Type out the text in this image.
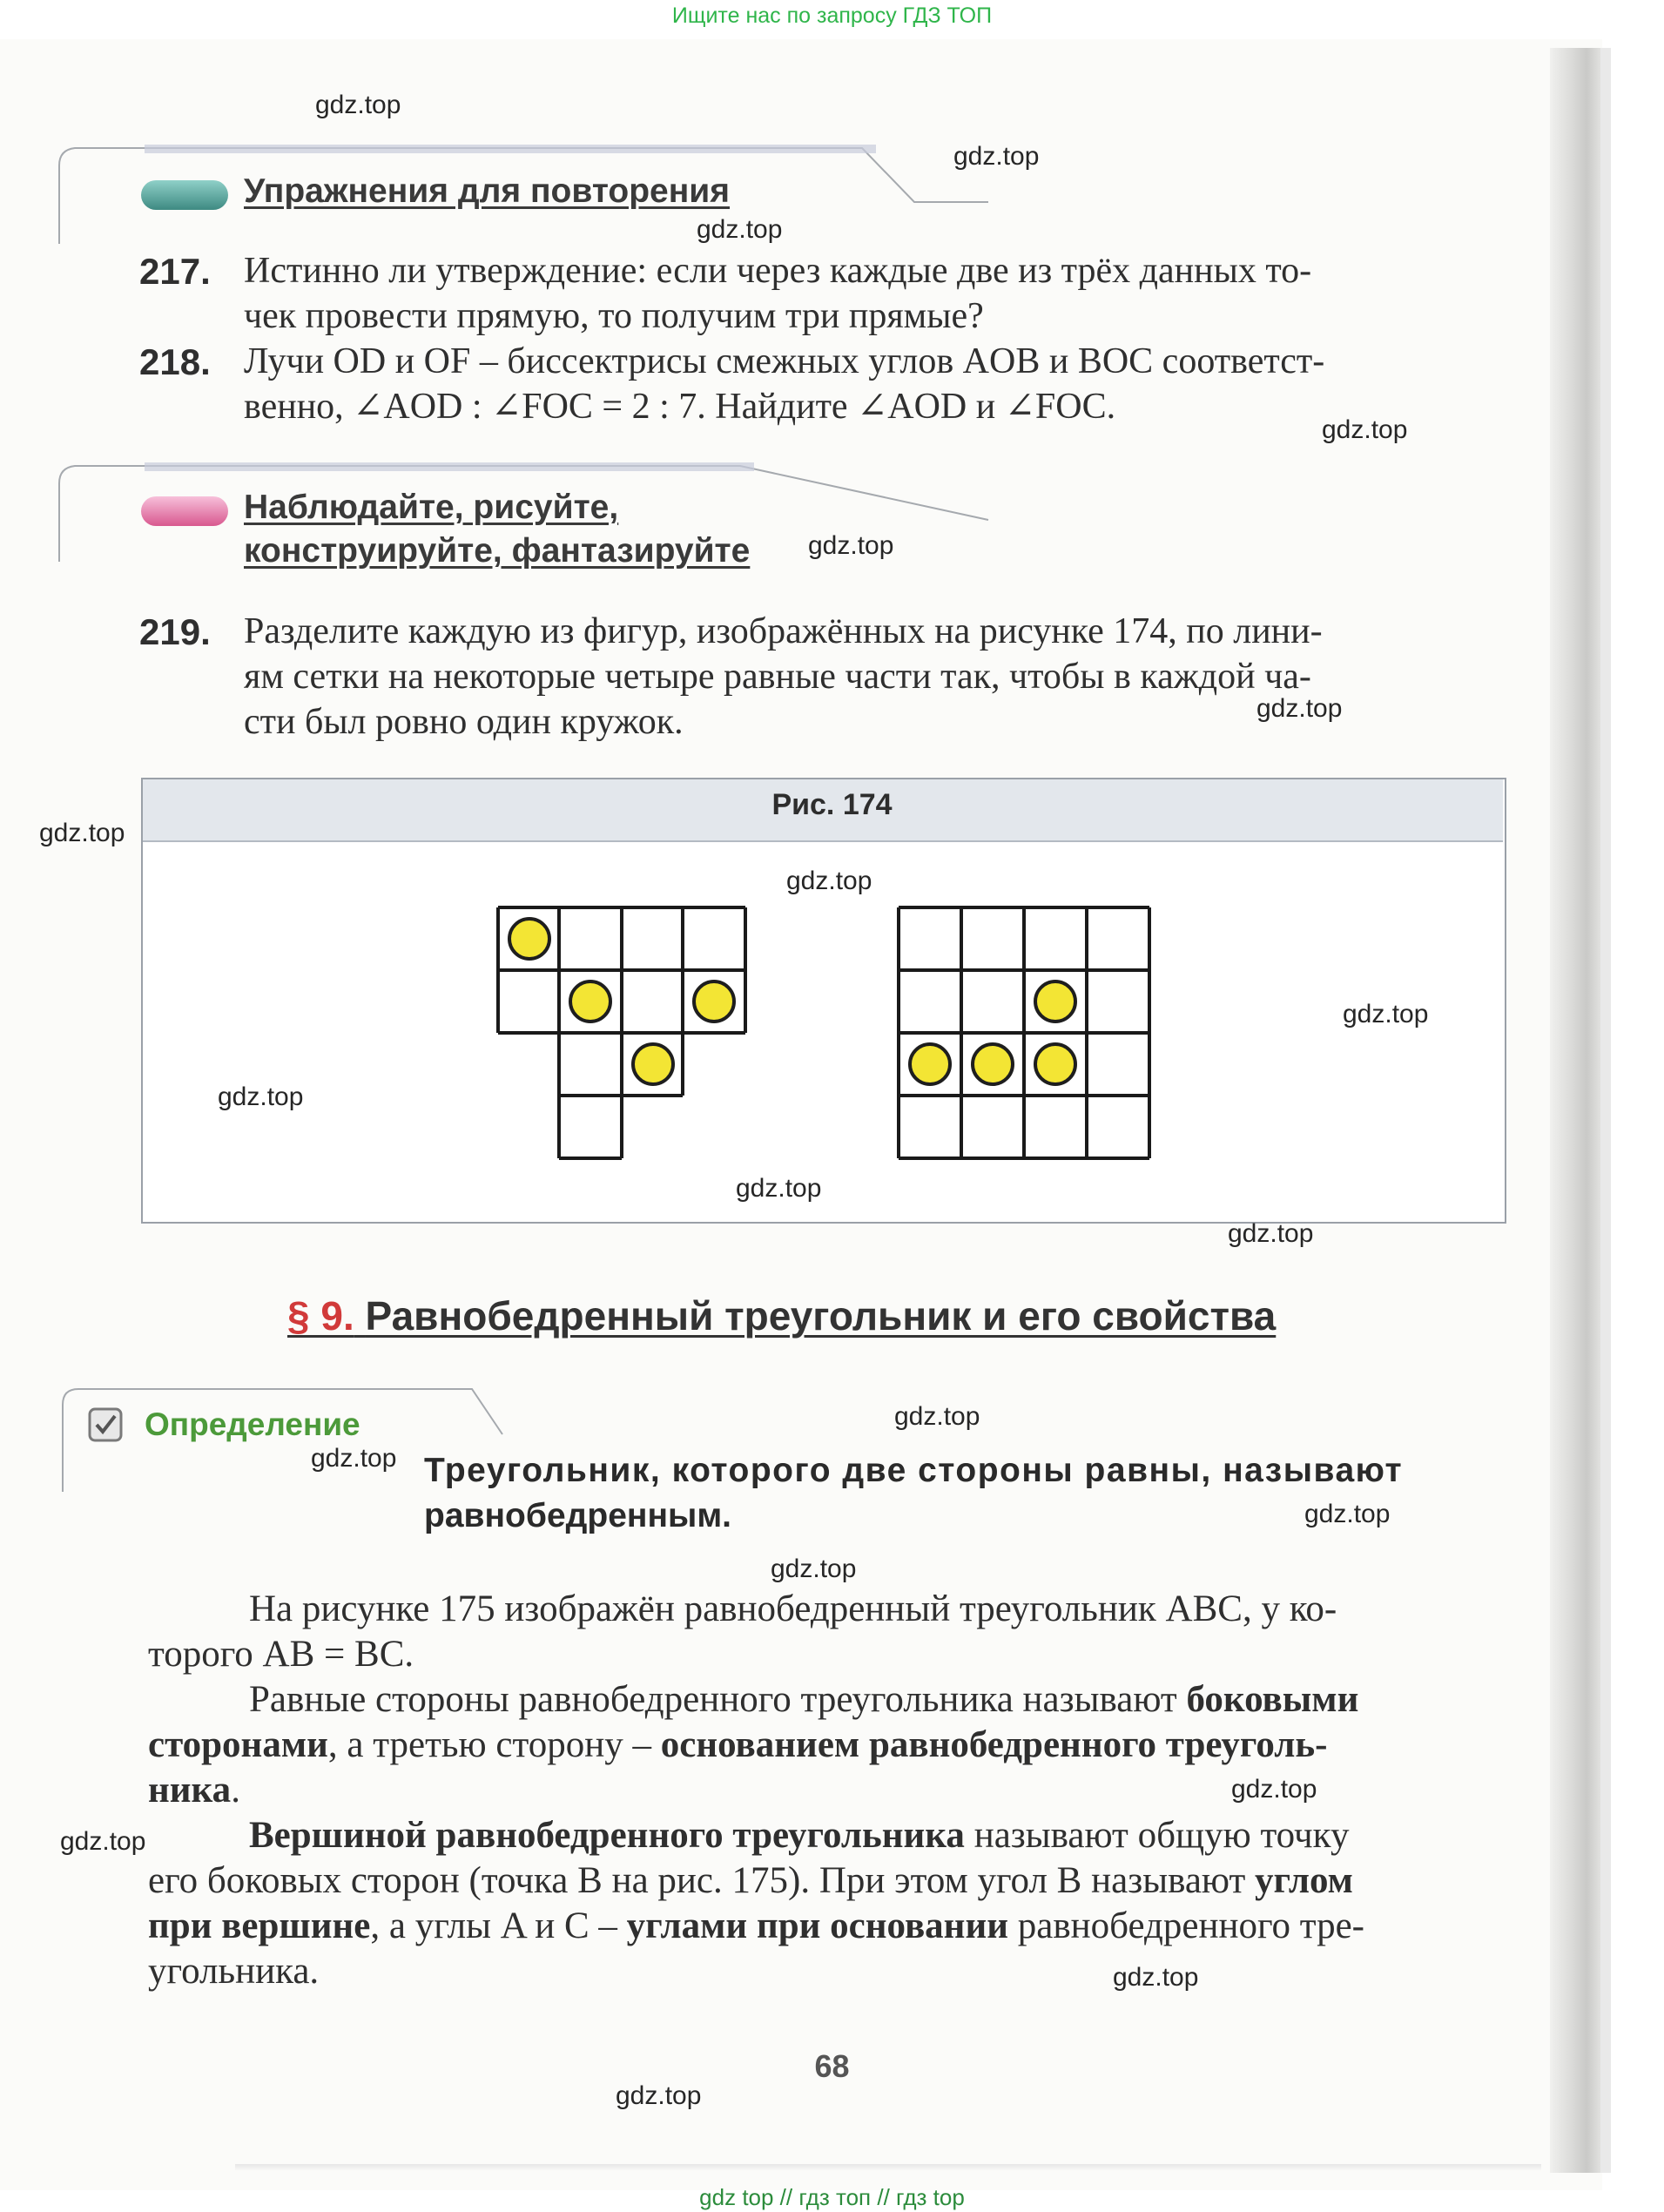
Ищите нас по запросу ГДЗ ТОП
Упражнения для повторения
217. Истинно ли утверждение: если через каждые две из трёх данных то-
чек провести прямую, то получим три прямые?
218. Лучи OD и OF – биссектрисы смежных углов AOB и BOC соответст-
венно, ∠AOD : ∠FOC = 2 : 7. Найдите ∠AOD и ∠FOC.
Наблюдайте, рисуйте,
конструируйте, фантазируйте
219. Разделите каждую из фигур, изображённых на рисунке 174, по лини-
ям сетки на некоторые четыре равные части так, чтобы в каждой ча-
сти был ровно один кружок.
Рис. 174
§ 9. Равнобедренный треугольник и его свойства
Определение
Треугольник, которого две стороны равны, называют
равнобедренным.
На рисунке 175 изображён равнобедренный треугольник ABC, у ко-
торого AB = BC.
Равные стороны равнобедренного треугольника называют боковыми
сторонами, а третью сторону – основанием равнобедренного треуголь-
ника.
Вершиной равнобедренного треугольника называют общую точку
его боковых сторон (точка B на рис. 175). При этом угол B называют углом
при вершине, а углы A и C – углами при основании равнобедренного тре-
угольника.
68
gdz top // гдз топ // гдз top
gdz.top
gdz.top
gdz.top
gdz.top
gdz.top
gdz.top
gdz.top
gdz.top
gdz.top
gdz.top
gdz.top
gdz.top
gdz.top
gdz.top
gdz.top
gdz.top
gdz.top
gdz.top
gdz.top
gdz.top
